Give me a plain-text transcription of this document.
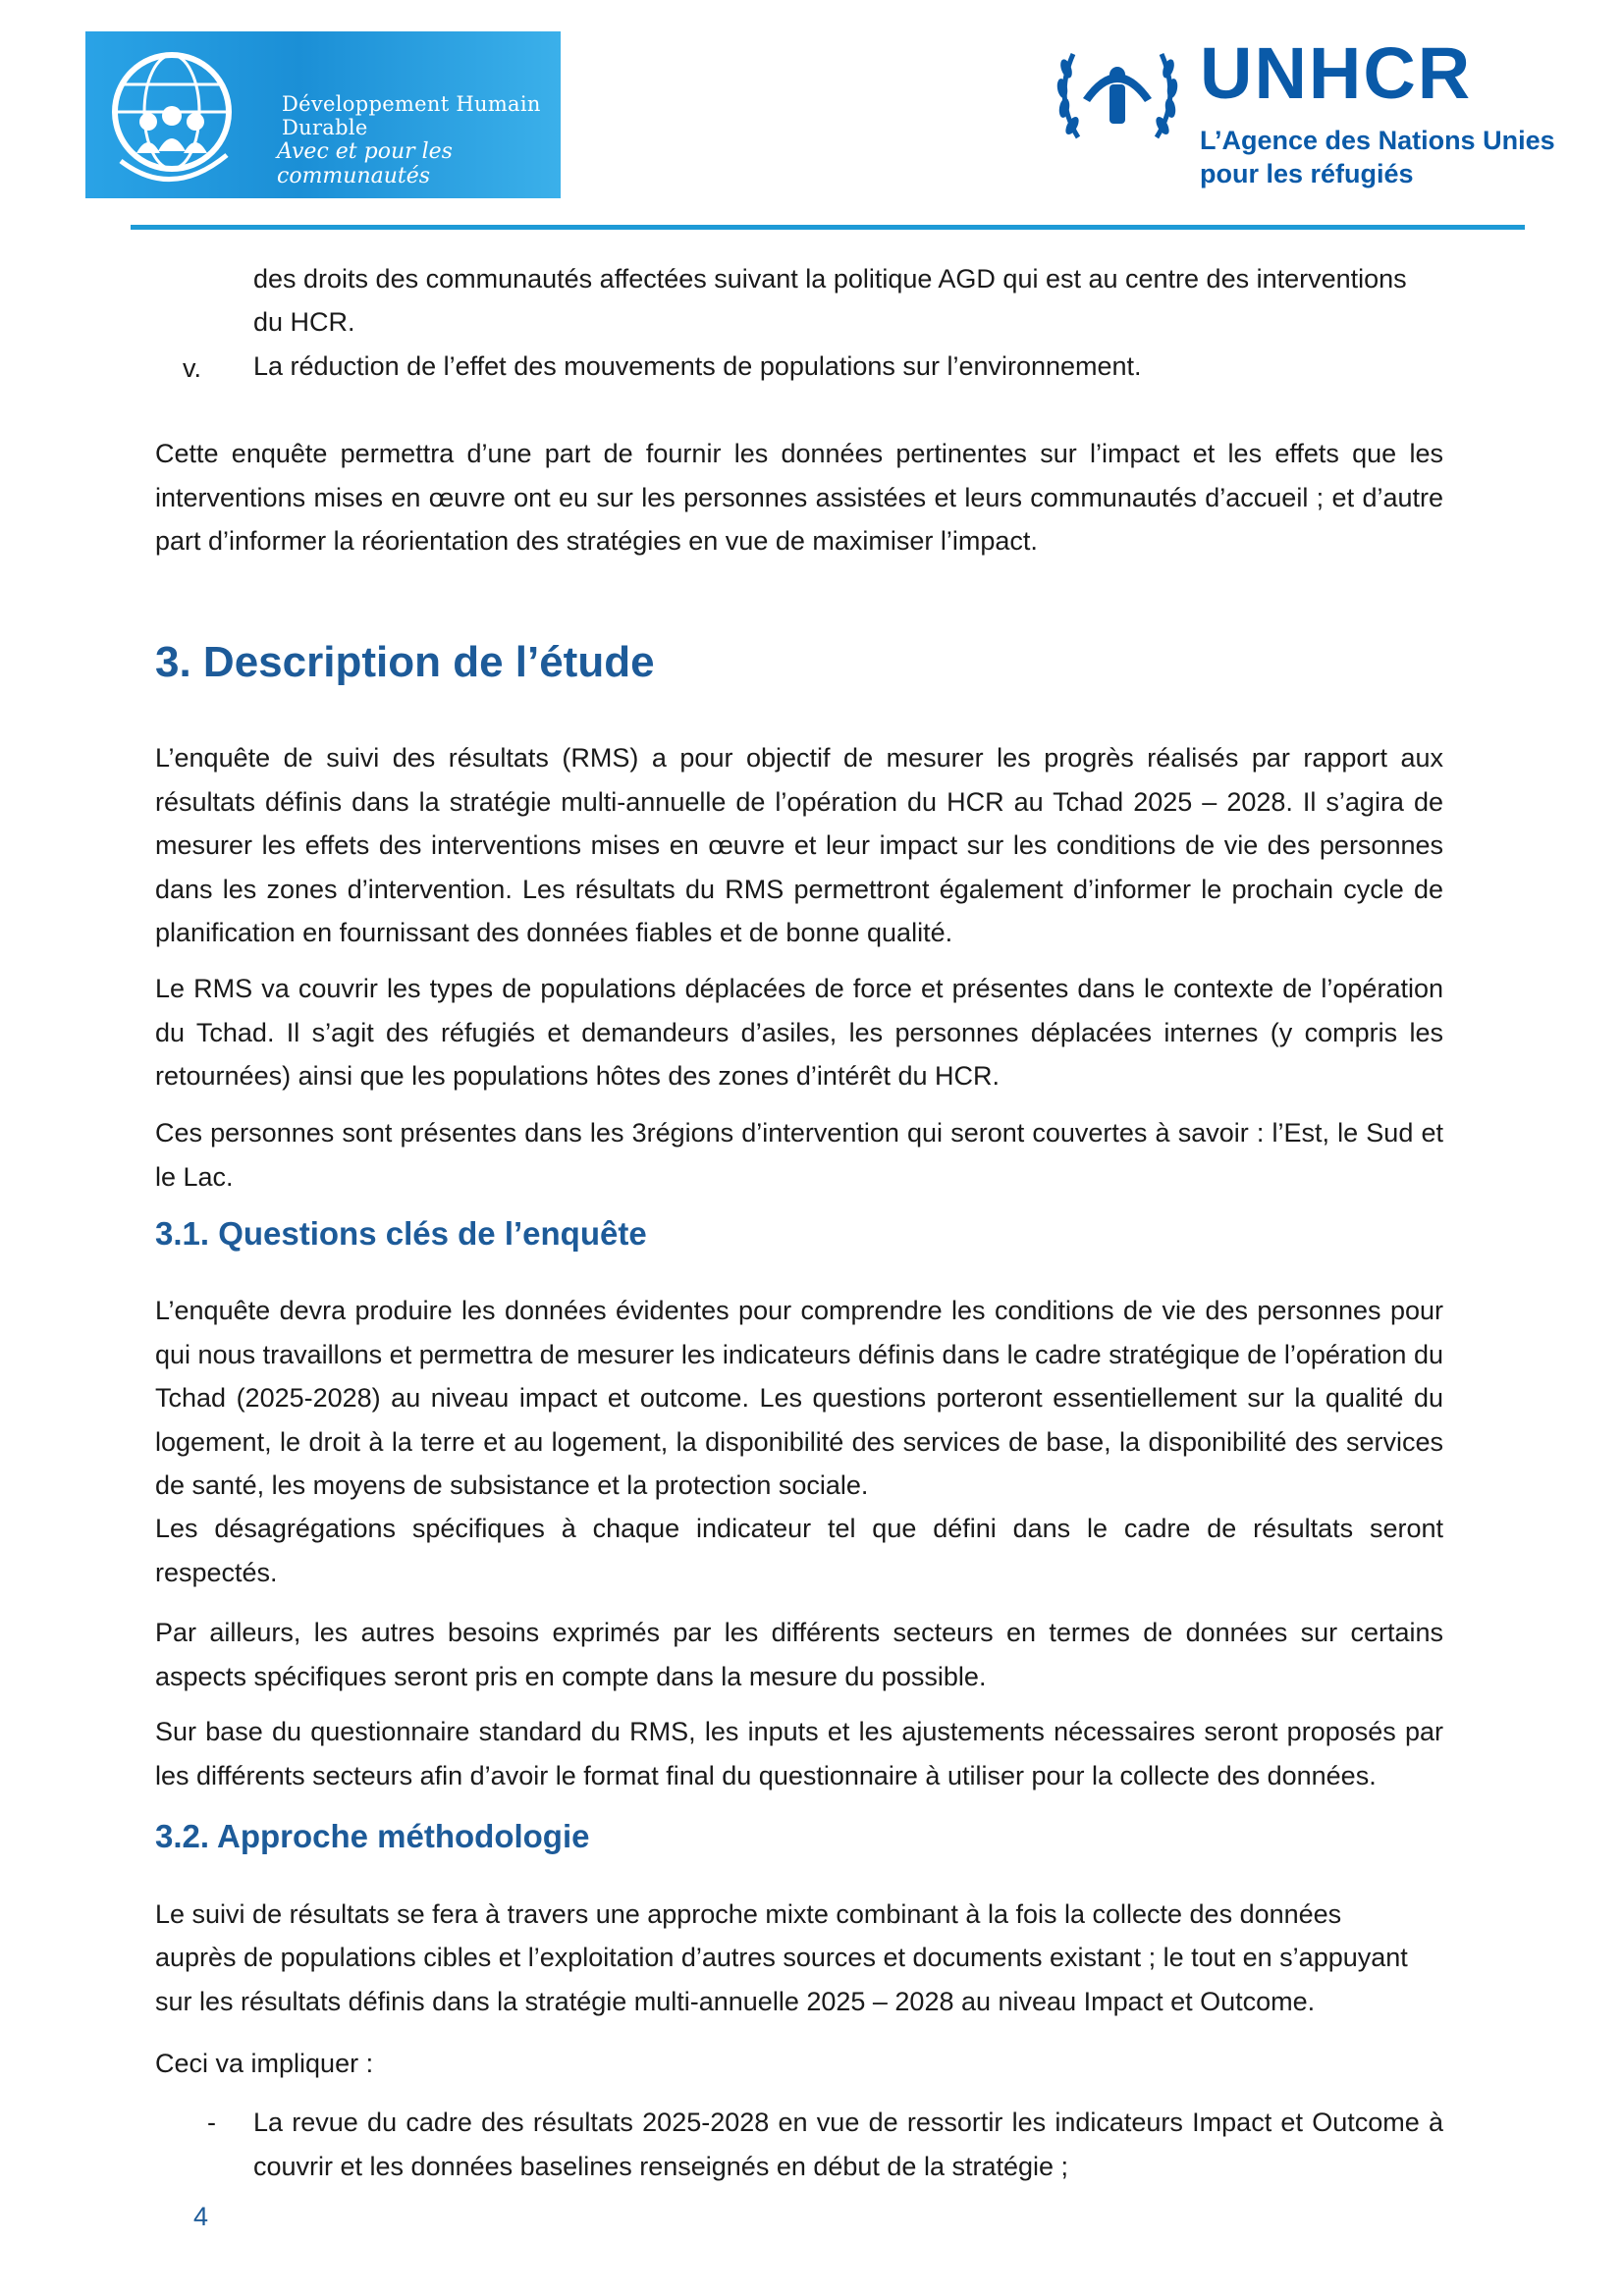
Développement Humain Durable
Avec et pour les communautés
UNHCR
L’Agence des Nations Unies
pour les réfugiés
des droits des communautés affectées suivant la politique AGD qui est au centre des interventions
du HCR.
v. La réduction de l’effet des mouvements de populations sur l’environnement.

Cette enquête permettra d’une part de fournir les données pertinentes sur l’impact et les effets que les interventions mises en œuvre ont eu sur les personnes assistées et leurs communautés d’accueil ; et d’autre part d’informer la réorientation des stratégies en vue de maximiser l’impact.

3. Description de l’étude

L’enquête de suivi des résultats (RMS) a pour objectif de mesurer les progrès réalisés par rapport aux résultats définis dans la stratégie multi-annuelle de l’opération du HCR au Tchad 2025 – 2028. Il s’agira de mesurer les effets des interventions mises en œuvre et leur impact sur les conditions de vie des personnes dans les zones d’intervention. Les résultats du RMS permettront également d’informer le prochain cycle de planification en fournissant des données fiables et de bonne qualité.

Le RMS va couvrir les types de populations déplacées de force et présentes dans le contexte de l’opération du Tchad. Il s’agit des réfugiés et demandeurs d’asiles, les personnes déplacées internes (y compris les retournées) ainsi que les populations hôtes des zones d’intérêt du HCR.

Ces personnes sont présentes dans les 3régions d’intervention qui seront couvertes à savoir : l’Est, le Sud et le Lac.

3.1. Questions clés de l’enquête

L’enquête devra produire les données évidentes pour comprendre les conditions de vie des personnes pour qui nous travaillons et permettra de mesurer les indicateurs définis dans le cadre stratégique de l’opération du Tchad (2025-2028) au niveau impact et outcome. Les questions porteront essentiellement sur la qualité du logement, le droit à la terre et au logement, la disponibilité des services de base, la disponibilité des services de santé, les moyens de subsistance et la protection sociale.

Les désagrégations spécifiques à chaque indicateur tel que défini dans le cadre de résultats seront respectés.

Par ailleurs, les autres besoins exprimés par les différents secteurs en termes de données sur certains aspects spécifiques seront pris en compte dans la mesure du possible.

Sur base du questionnaire standard du RMS, les inputs et les ajustements nécessaires seront proposés par les différents secteurs afin d’avoir le format final du questionnaire à utiliser pour la collecte des données.

3.2. Approche méthodologie
Le suivi de résultats se fera à travers une approche mixte combinant à la fois la collecte des données
auprès de populations cibles et l’exploitation d’autres sources et documents existant ; le tout en s’appuyant
sur les résultats définis dans la stratégie multi-annuelle 2025 – 2028 au niveau Impact et Outcome.
Ceci va impliquer :
- La revue du cadre des résultats 2025-2028 en vue de ressortir les indicateurs Impact et Outcome à couvrir et les données baselines renseignés en début de la stratégie ;

4
